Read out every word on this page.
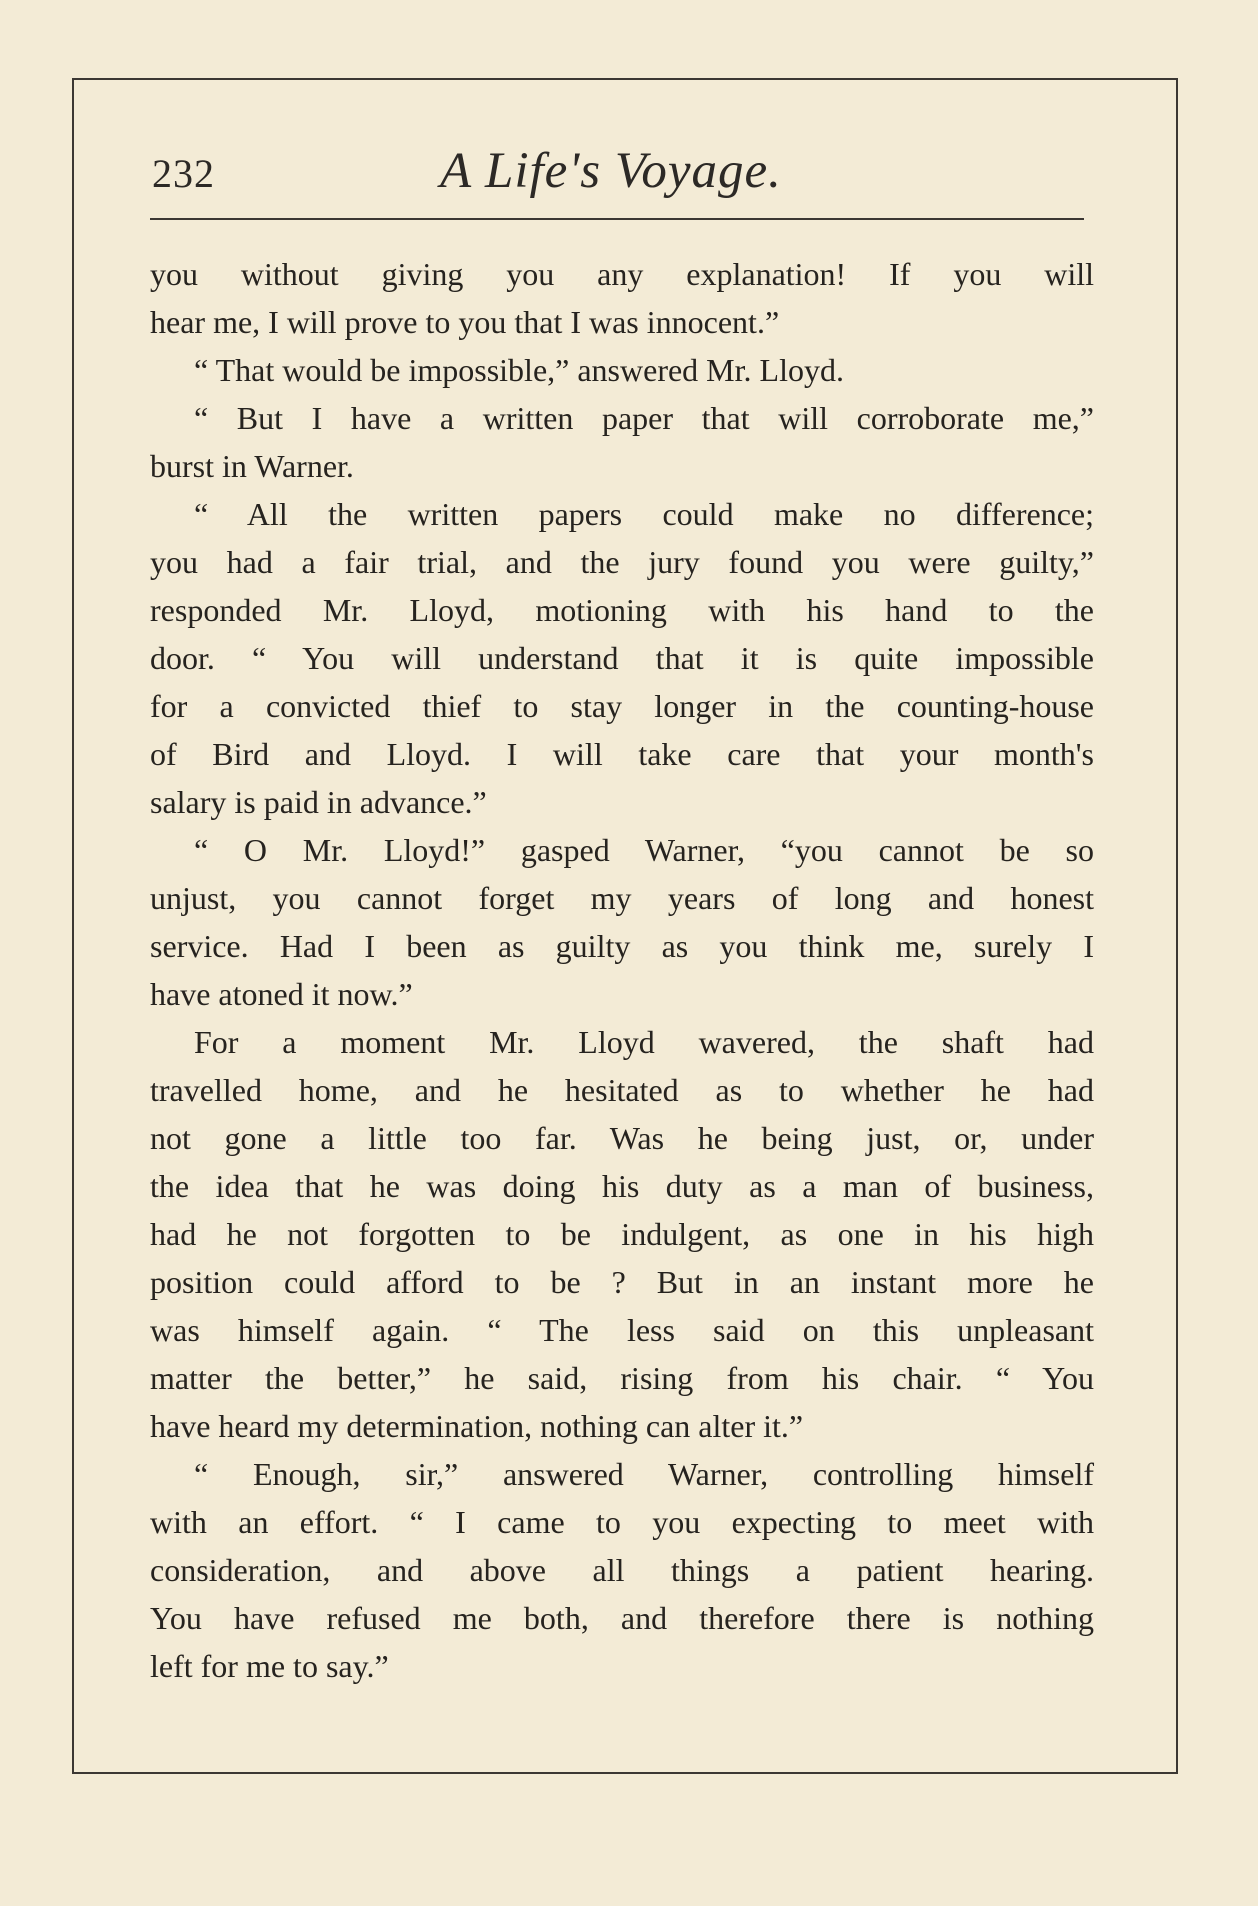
232	A Life's Voyage.
you without giving you any explanation! If you will
hear me, I will prove to you that I was innocent.”
“ That would be impossible,” answered Mr. Lloyd.
“ But I have a written paper that will corroborate me,”
burst in Warner.
“ All the written papers could make no difference;
you had a fair trial, and the jury found you were guilty,”
responded Mr. Lloyd, motioning with his hand to the
door. “ You will understand that it is quite impossible
for a convicted thief to stay longer in the counting-house
of Bird and Lloyd. I will take care that your month's
salary is paid in advance.”
“ O Mr. Lloyd!” gasped Warner, “you cannot be so
unjust, you cannot forget my years of long and honest
service. Had I been as guilty as you think me, surely I
have atoned it now.”
For a moment Mr. Lloyd wavered, the shaft had
travelled home, and he hesitated as to whether he had
not gone a little too far. Was he being just, or, under
the idea that he was doing his duty as a man of business,
had he not forgotten to be indulgent, as one in his high
position could afford to be ? But in an instant more he
was himself again. “ The less said on this unpleasant
matter the better,” he said, rising from his chair. “ You
have heard my determination, nothing can alter it.”
“ Enough, sir,” answered Warner, controlling himself
with an effort. “ I came to you expecting to meet with
consideration, and above all things a patient hearing.
You have refused me both, and therefore there is nothing
left for me to say.”
